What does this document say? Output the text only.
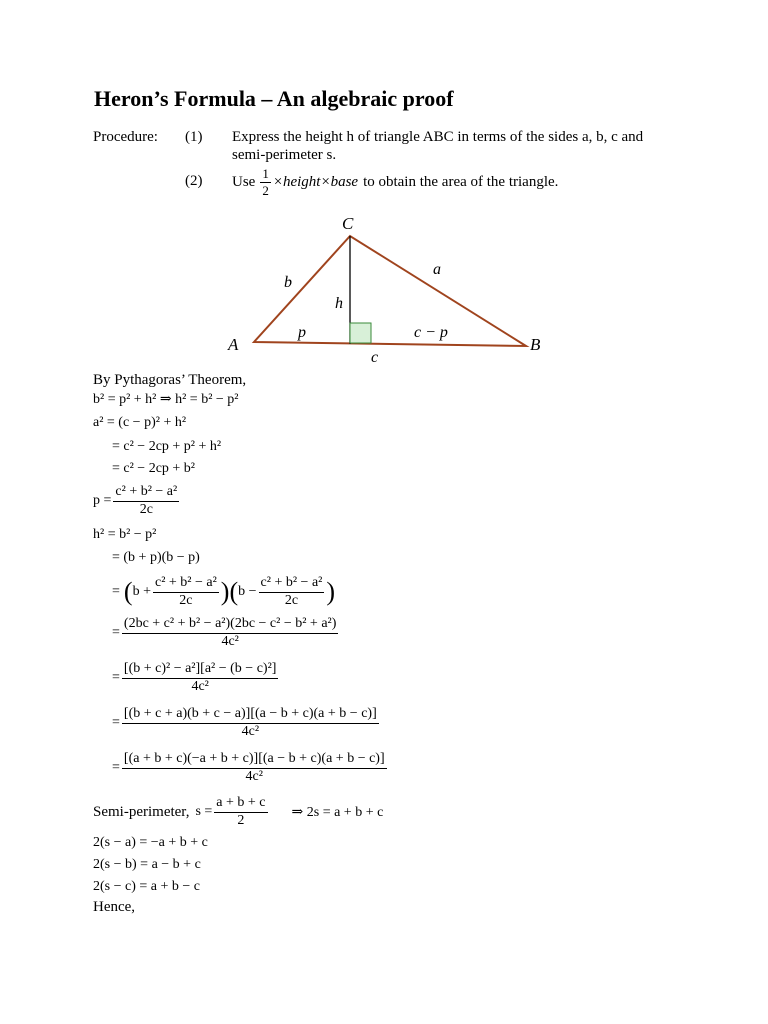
Heron’s Formula – An algebraic proof
Procedure: (1) Express the height h of triangle ABC in terms of the sides a, b, c and
semi-perimeter s.
(2) Use $\frac{1}{2}$ ×height×base to obtain the area of the triangle.
A	B
C
a
b
c
h
p	c − p
By Pythagoras’ Theorem,
b² = p² + h² ⇒ h² = b² − p²
a² = (c − p)² + h²
= c² − 2cp + p² + h²
= c² − 2cp + b²
$p = \frac{\text{c² + b² − a²}}{2c}$
h² = b² − p²
= (b + p)(b − p)
= ( $b + \frac{\text{c² + b² − a²}}{2c}$ ) ( $b - \frac{\text{c² + b² − a²}}{2c}$ )
= $\frac{\text{(2bc + c² + b² − a²)(2bc − c² − b² + a²)}}{\text{4c²}}$
= $\frac{\text{[(b + c)² − a²][a² − (b − c)²]}}{\text{4c²}}$
= $\frac{[(b + c + a)(b + c - a)][(a - b + c)(a + b - c)]}{\text{4c²}}$
= $\frac{[(a + b + c)(-a + b + c)][(a - b + c)(a + b - c)]}{\text{4c²}}$
Semi-perimeter, $s = \frac{a + b + c}{2}$ ⇒ 2s = a + b + c
2(s − a) = −a + b + c
2(s − b) = a − b + c
2(s − c) = a + b − c
Hence,
